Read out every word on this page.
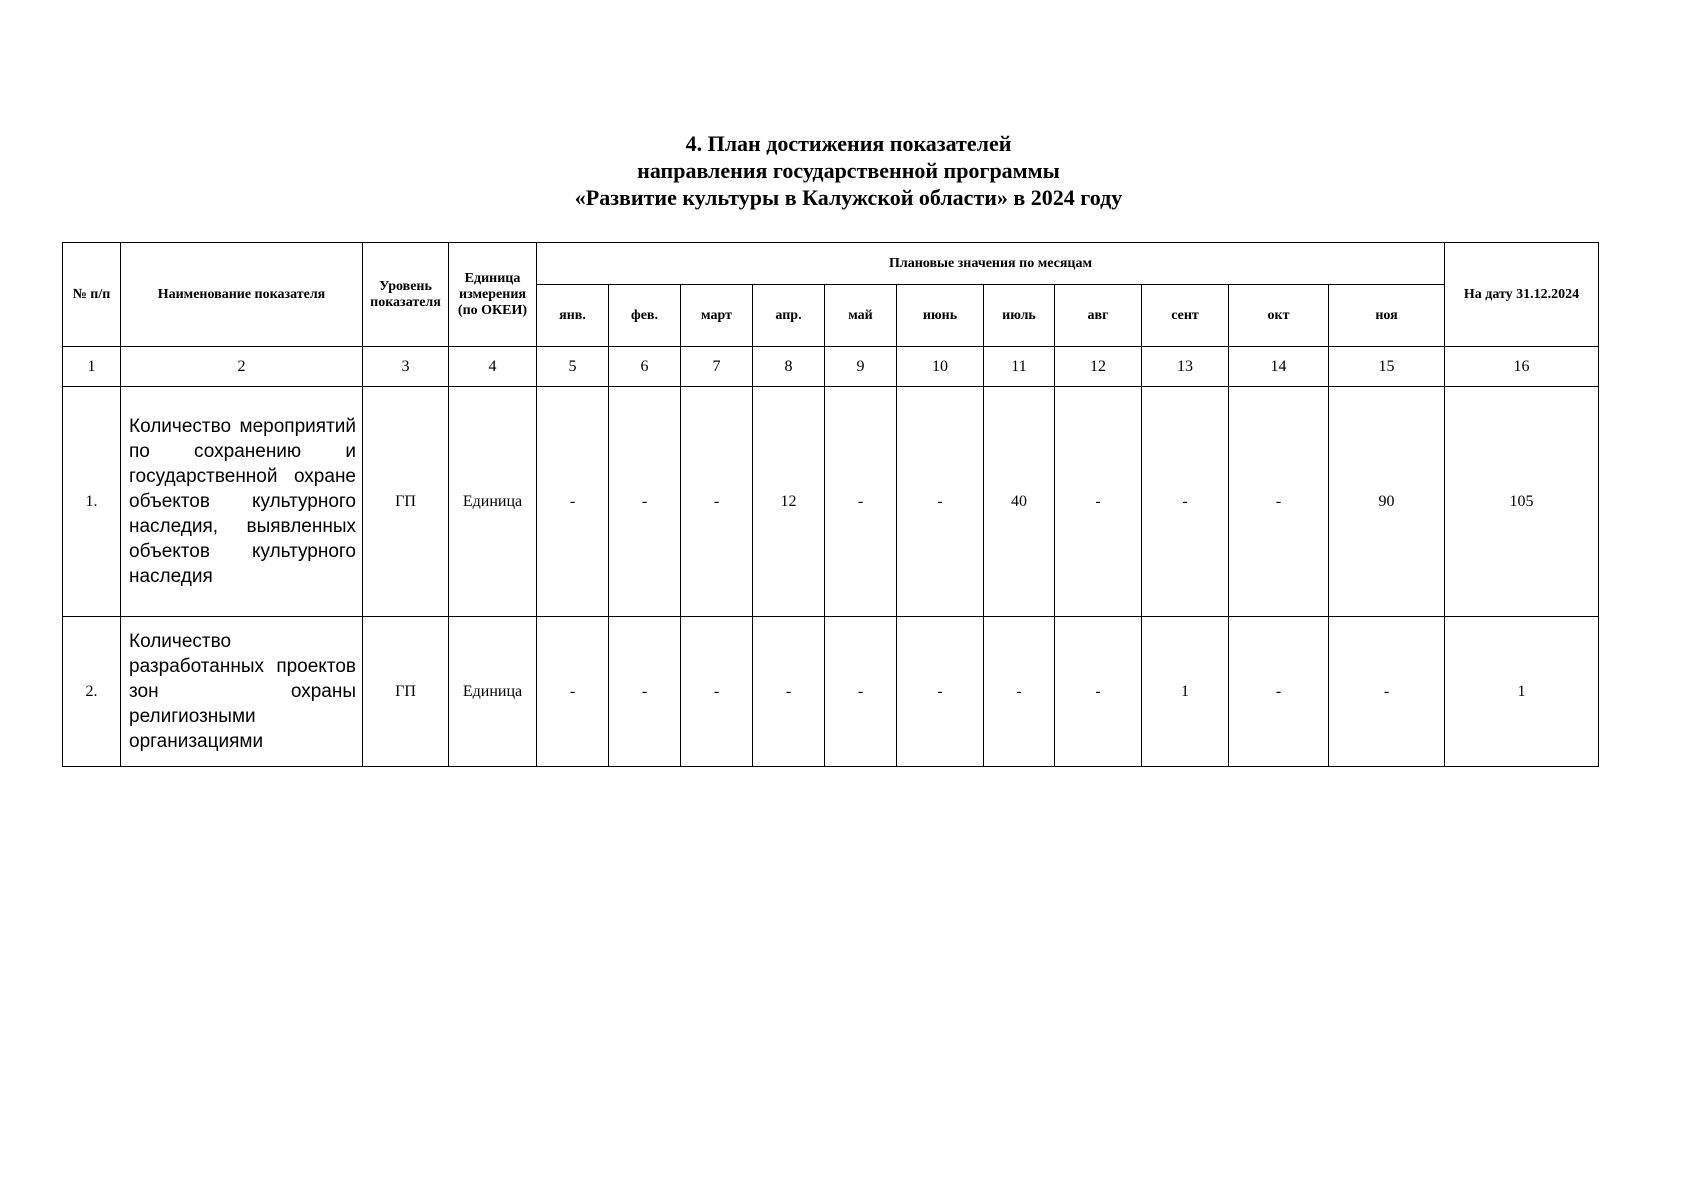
4. План достижения показателей
направления государственной программы
«Развитие культуры в Калужской области» в 2024 году
№ п/п	Наименование показателя	Уровень показателя	Единица измерения (по ОКЕИ)	Плановые значения по месяцам											На дату 31.12.2024
				янв.	фев.	март	апр.	май	июнь	июль	авг	сент	окт	ноя	
1	2	3	4	5	6	7	8	9	10	11	12	13	14	15	16
1.	Количество мероприятий по сохранению и государственной охране объектов культурного наследия, выявленных объектов культурного наследия	ГП	Единица	-	-	-	12	-	-	40	-	-	-	90	105
2.	Количество разработанных проектов зон охраны религиозными организациями	ГП	Единица	-	-	-	-	-	-	-	-	1	-	-	1
